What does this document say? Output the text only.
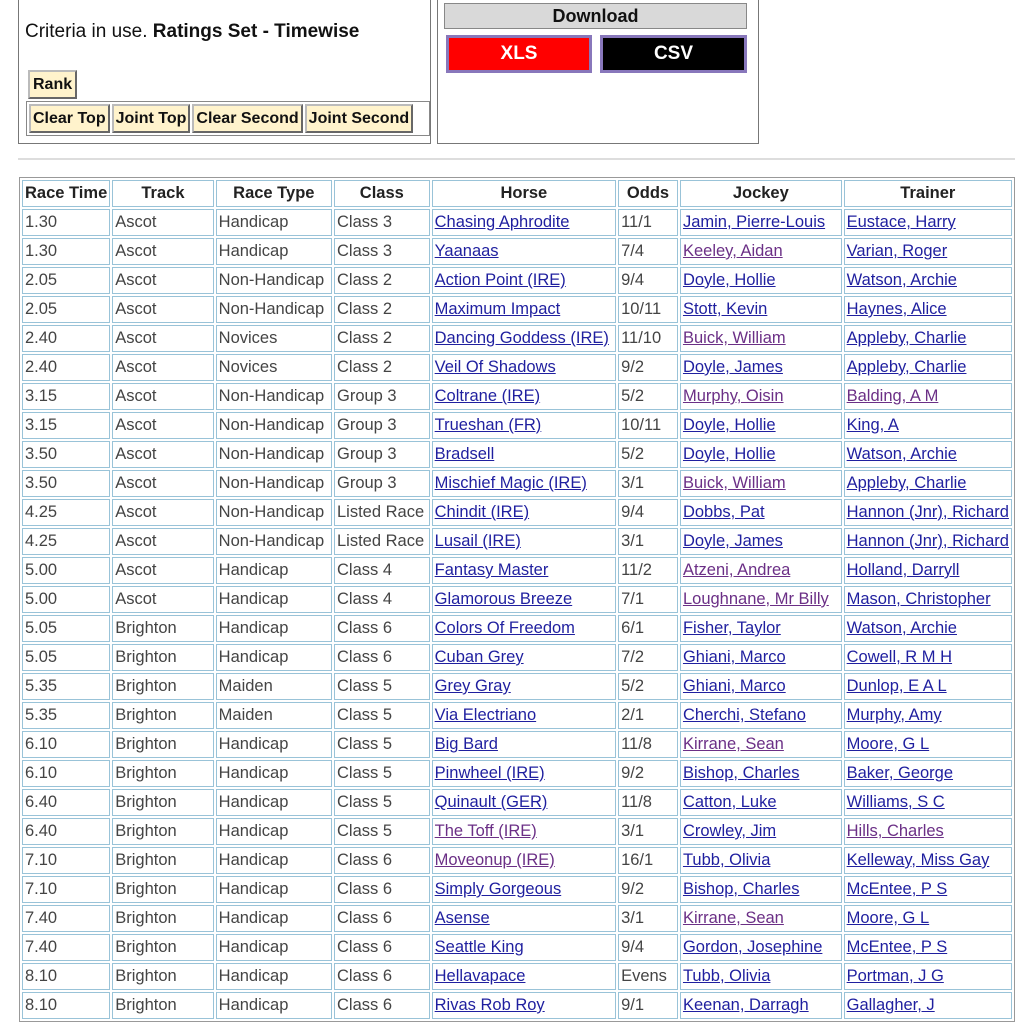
Criteria in use. Ratings Set - Timewise
Rank
Clear Top Joint Top Clear Second Joint Second
Download
XLS	CSV
Race Time	Track	Race Type	Class	Horse	Odds	Jockey	Trainer
1.30	Ascot	Handicap	Class 3	Chasing Aphrodite	11/1	Jamin, Pierre-Louis	Eustace, Harry
1.30	Ascot	Handicap	Class 3	Yaanaas	7/4	Keeley, Aidan	Varian, Roger
2.05	Ascot	Non-Handicap	Class 2	Action Point (IRE)	9/4	Doyle, Hollie	Watson, Archie
2.05	Ascot	Non-Handicap	Class 2	Maximum Impact	10/11	Stott, Kevin	Haynes, Alice
2.40	Ascot	Novices	Class 2	Dancing Goddess (IRE)	11/10	Buick, William	Appleby, Charlie
2.40	Ascot	Novices	Class 2	Veil Of Shadows	9/2	Doyle, James	Appleby, Charlie
3.15	Ascot	Non-Handicap	Group 3	Coltrane (IRE)	5/2	Murphy, Oisin	Balding, A M
3.15	Ascot	Non-Handicap	Group 3	Trueshan (FR)	10/11	Doyle, Hollie	King, A
3.50	Ascot	Non-Handicap	Group 3	Bradsell	5/2	Doyle, Hollie	Watson, Archie
3.50	Ascot	Non-Handicap	Group 3	Mischief Magic (IRE)	3/1	Buick, William	Appleby, Charlie
4.25	Ascot	Non-Handicap	Listed Race	Chindit (IRE)	9/4	Dobbs, Pat	Hannon (Jnr), Richard
4.25	Ascot	Non-Handicap	Listed Race	Lusail (IRE)	3/1	Doyle, James	Hannon (Jnr), Richard
5.00	Ascot	Handicap	Class 4	Fantasy Master	11/2	Atzeni, Andrea	Holland, Darryll
5.00	Ascot	Handicap	Class 4	Glamorous Breeze	7/1	Loughnane, Mr Billy	Mason, Christopher
5.05	Brighton	Handicap	Class 6	Colors Of Freedom	6/1	Fisher, Taylor	Watson, Archie
5.05	Brighton	Handicap	Class 6	Cuban Grey	7/2	Ghiani, Marco	Cowell, R M H
5.35	Brighton	Maiden	Class 5	Grey Gray	5/2	Ghiani, Marco	Dunlop, E A L
5.35	Brighton	Maiden	Class 5	Via Electriano	2/1	Cherchi, Stefano	Murphy, Amy
6.10	Brighton	Handicap	Class 5	Big Bard	11/8	Kirrane, Sean	Moore, G L
6.10	Brighton	Handicap	Class 5	Pinwheel (IRE)	9/2	Bishop, Charles	Baker, George
6.40	Brighton	Handicap	Class 5	Quinault (GER)	11/8	Catton, Luke	Williams, S C
6.40	Brighton	Handicap	Class 5	The Toff (IRE)	3/1	Crowley, Jim	Hills, Charles
7.10	Brighton	Handicap	Class 6	Moveonup (IRE)	16/1	Tubb, Olivia	Kelleway, Miss Gay
7.10	Brighton	Handicap	Class 6	Simply Gorgeous	9/2	Bishop, Charles	McEntee, P S
7.40	Brighton	Handicap	Class 6	Asense	3/1	Kirrane, Sean	Moore, G L
7.40	Brighton	Handicap	Class 6	Seattle King	9/4	Gordon, Josephine	McEntee, P S
8.10	Brighton	Handicap	Class 6	Hellavapace	Evens	Tubb, Olivia	Portman, J G
8.10	Brighton	Handicap	Class 6	Rivas Rob Roy	9/1	Keenan, Darragh	Gallagher, J
